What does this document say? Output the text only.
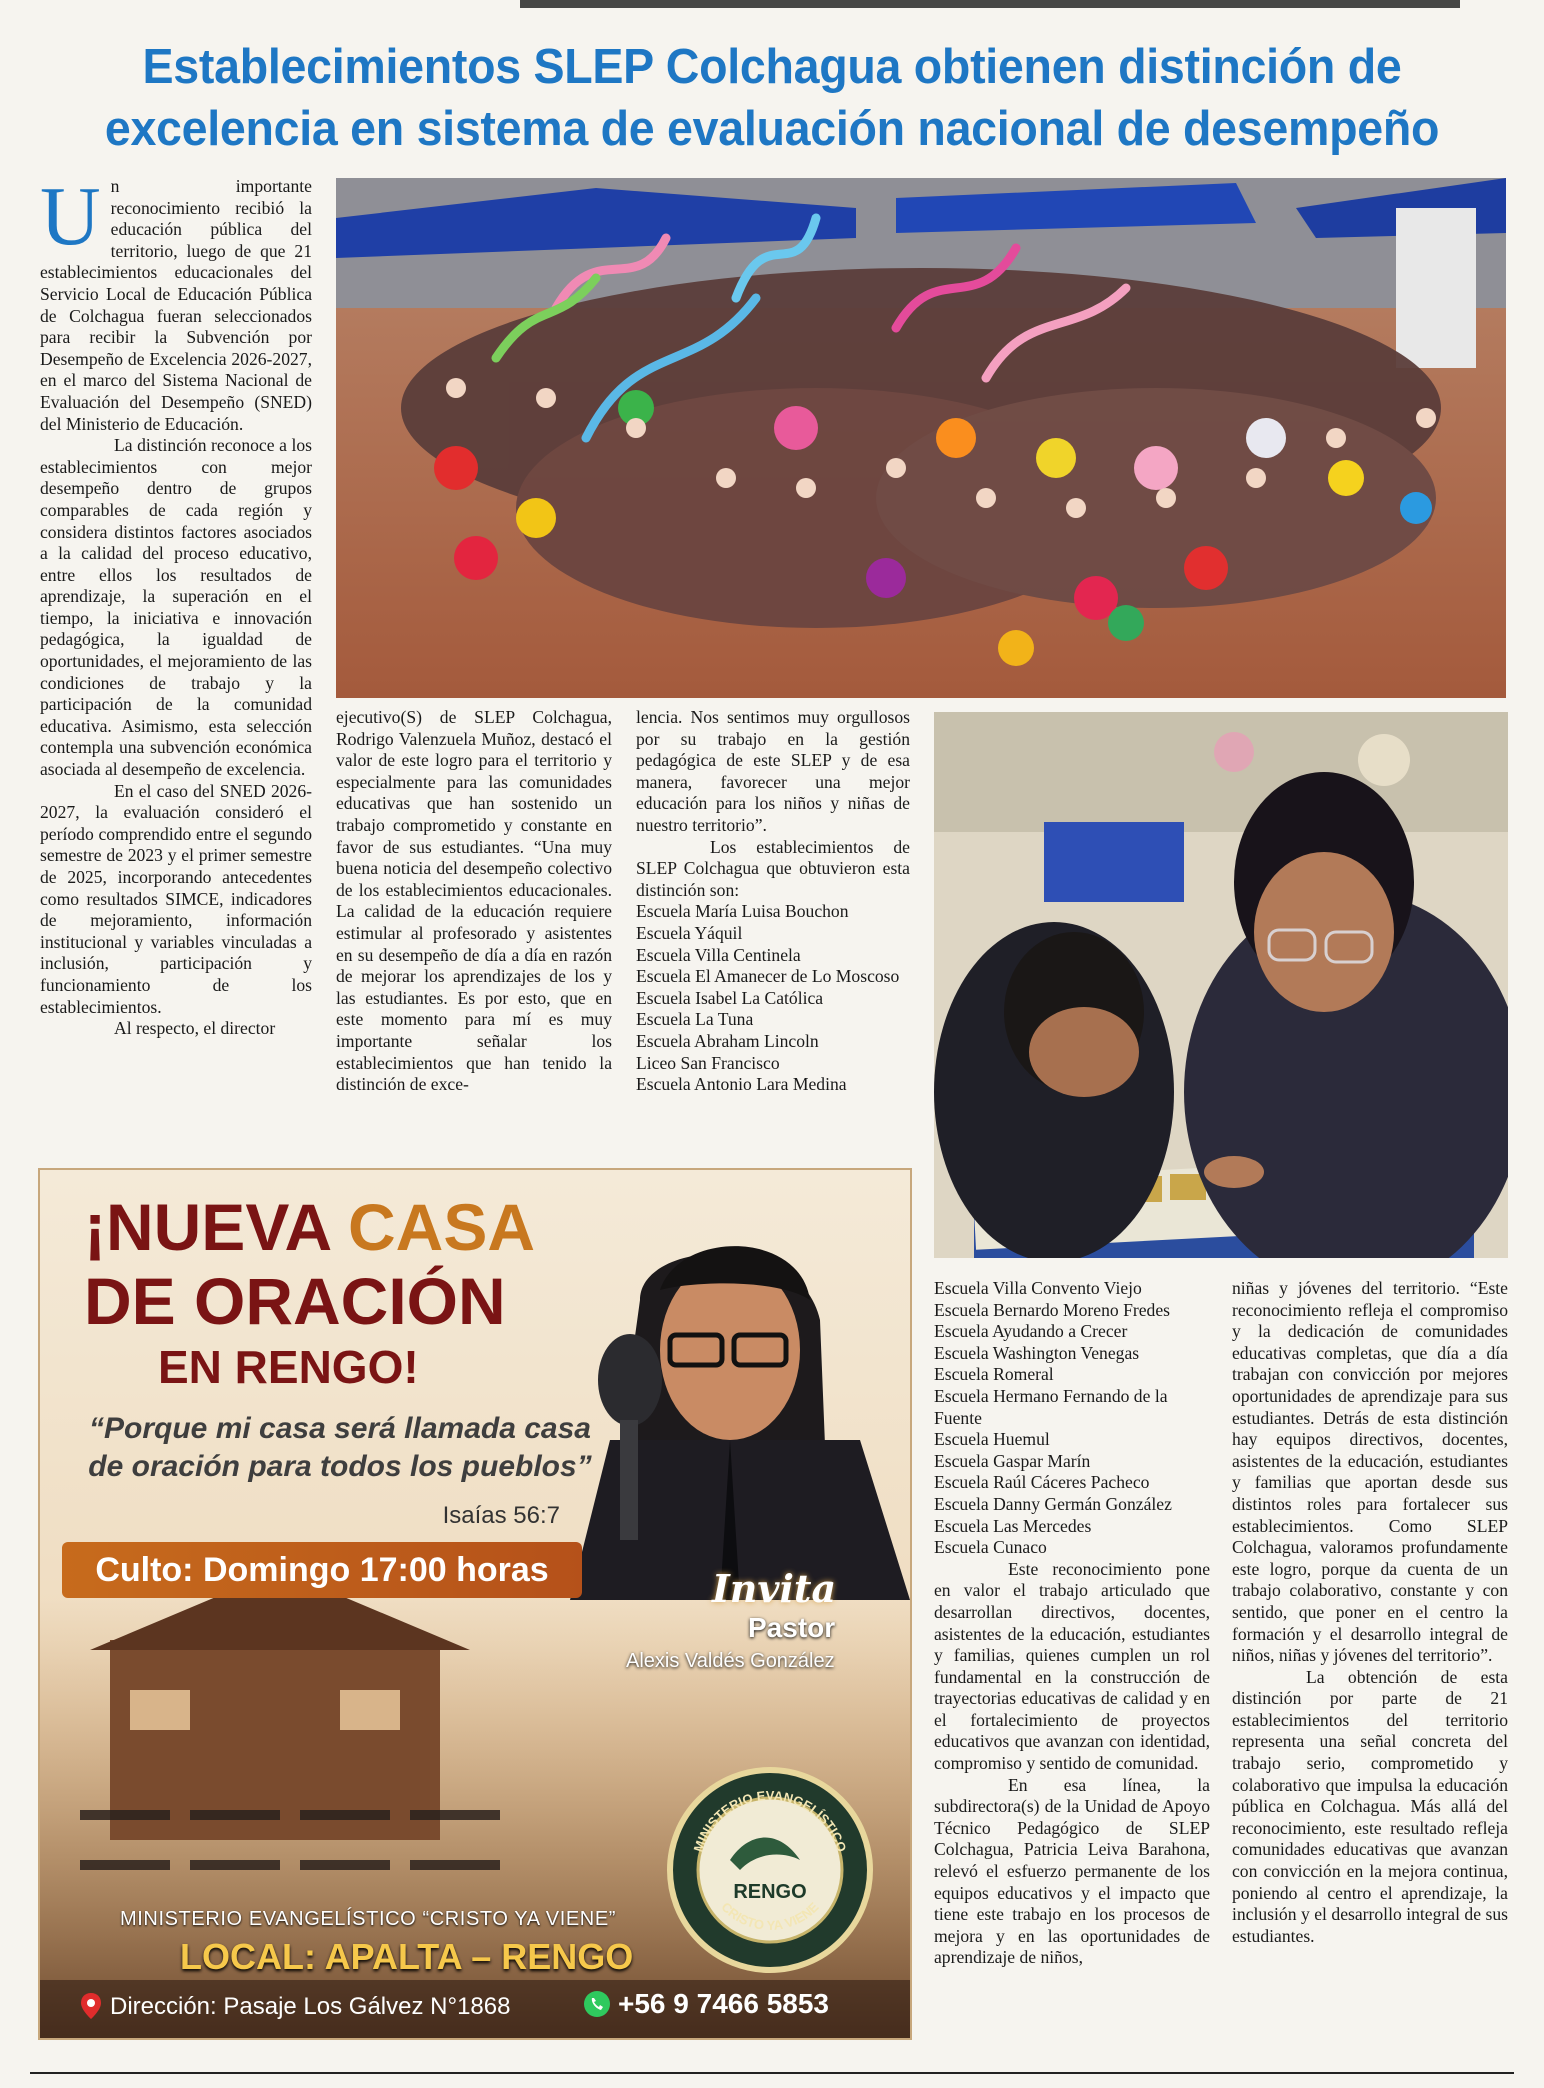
Establecimientos SLEP Colchagua obtienen distinción de
excelencia en sistema de evaluación nacional de desempeño

Un importante reconocimiento recibió la educación pública del territorio, luego de que 21 establecimientos educacionales del Servicio Local de Educación Pública de Colchagua fueran seleccionados para recibir la Subvención por Desempeño de Excelencia 2026-2027, en el marco del Sistema Nacional de Evaluación del Desempeño (SNED) del Ministerio de Educación.

La distinción reconoce a los establecimientos con mejor desempeño dentro de grupos comparables de cada región y considera distintos factores asociados a la calidad del proceso educativo, entre ellos los resultados de aprendizaje, la superación en el tiempo, la iniciativa e innovación pedagógica, la igualdad de oportunidades, el mejoramiento de las condiciones de trabajo y la participación de la comunidad educativa. Asimismo, esta selección contempla una subvención económica asociada al desempeño de excelencia.

En el caso del SNED 2026-2027, la evaluación consideró el período comprendido entre el segundo semestre de 2023 y el primer semestre de 2025, incorporando antecedentes como resultados SIMCE, indicadores de mejoramiento, información institucional y variables vinculadas a inclusión, participación y funcionamiento de los establecimientos.

Al respecto, el director

ejecutivo(S) de SLEP Colchagua, Rodrigo Valenzuela Muñoz, destacó el valor de este logro para el territorio y especialmente para las comunidades educativas que han sostenido un trabajo comprometido y constante en favor de sus estudiantes. “Una muy buena noticia del desempeño colectivo de los establecimientos educacionales. La calidad de la educación requiere estimular al profesorado y asistentes en su desempeño de día a día en razón de mejorar los aprendizajes de los y las estudiantes. Es por esto, que en este momento para mí es muy importante señalar los establecimientos que han tenido la distinción de exce-

lencia. Nos sentimos muy orgullosos por su trabajo en la gestión pedagógica de este SLEP y de esa manera, favorecer una mejor educación para los niños y niñas de nuestro territorio”.

Los establecimientos de SLEP Colchagua que obtuvieron esta distinción son:

Escuela María Luisa Bouchon
Escuela Yáquil
Escuela Villa Centinela
Escuela El Amanecer de Lo Moscoso
Escuela Isabel La Católica
Escuela La Tuna
Escuela Abraham Lincoln
Liceo San Francisco
Escuela Antonio Lara Medina
¡NUEVA CASA
DE ORACIÓN
EN RENGO!
“Porque mi casa será llamada casa de oración para todos los pueblos”
Isaías 56:7
Culto: Domingo 17:00 horas	Invita
Pastor
Alexis Valdés González
MINISTERIO EVANGELÍSTICO
CRISTO YA VIENE
RENGO
MINISTERIO EVANGELÍSTICO “CRISTO YA VIENE”
LOCAL: APALTA – RENGO
Dirección: Pasaje Los Gálvez N°1868	+56 9 7466 5853
Escuela Villa Convento Viejo
Escuela Bernardo Moreno Fredes
Escuela Ayudando a Crecer
Escuela Washington Venegas
Escuela Romeral
Escuela Hermano Fernando de la Fuente
Escuela Huemul
Escuela Gaspar Marín
Escuela Raúl Cáceres Pacheco
Escuela Danny Germán González
Escuela Las Mercedes
Escuela Cunaco

Este reconocimiento pone en valor el trabajo articulado que desarrollan directivos, docentes, asistentes de la educación, estudiantes y familias, quienes cumplen un rol fundamental en la construcción de trayectorias educativas de calidad y en el fortalecimiento de proyectos educativos que avanzan con identidad, compromiso y sentido de comunidad.

En esa línea, la subdirectora(s) de la Unidad de Apoyo Técnico Pedagógico de SLEP Colchagua, Patricia Leiva Barahona, relevó el esfuerzo permanente de los equipos educativos y el impacto que tiene este trabajo en los procesos de mejora y en las oportunidades de aprendizaje de niños,

niñas y jóvenes del territorio. “Este reconocimiento refleja el compromiso y la dedicación de comunidades educativas completas, que día a día trabajan con convicción por mejores oportunidades de aprendizaje para sus estudiantes. Detrás de esta distinción hay equipos directivos, docentes, asistentes de la educación, estudiantes y familias que aportan desde sus distintos roles para fortalecer sus establecimientos. Como SLEP Colchagua, valoramos profundamente este logro, porque da cuenta de un trabajo colaborativo, constante y con sentido, que poner en el centro la formación y el desarrollo integral de niños, niñas y jóvenes del territorio”.

La obtención de esta distinción por parte de 21 establecimientos del territorio representa una señal concreta del trabajo serio, comprometido y colaborativo que impulsa la educación pública en Colchagua. Más allá del reconocimiento, este resultado refleja comunidades educativas que avanzan con convicción en la mejora continua, poniendo al centro el aprendizaje, la inclusión y el desarrollo integral de sus estudiantes.
